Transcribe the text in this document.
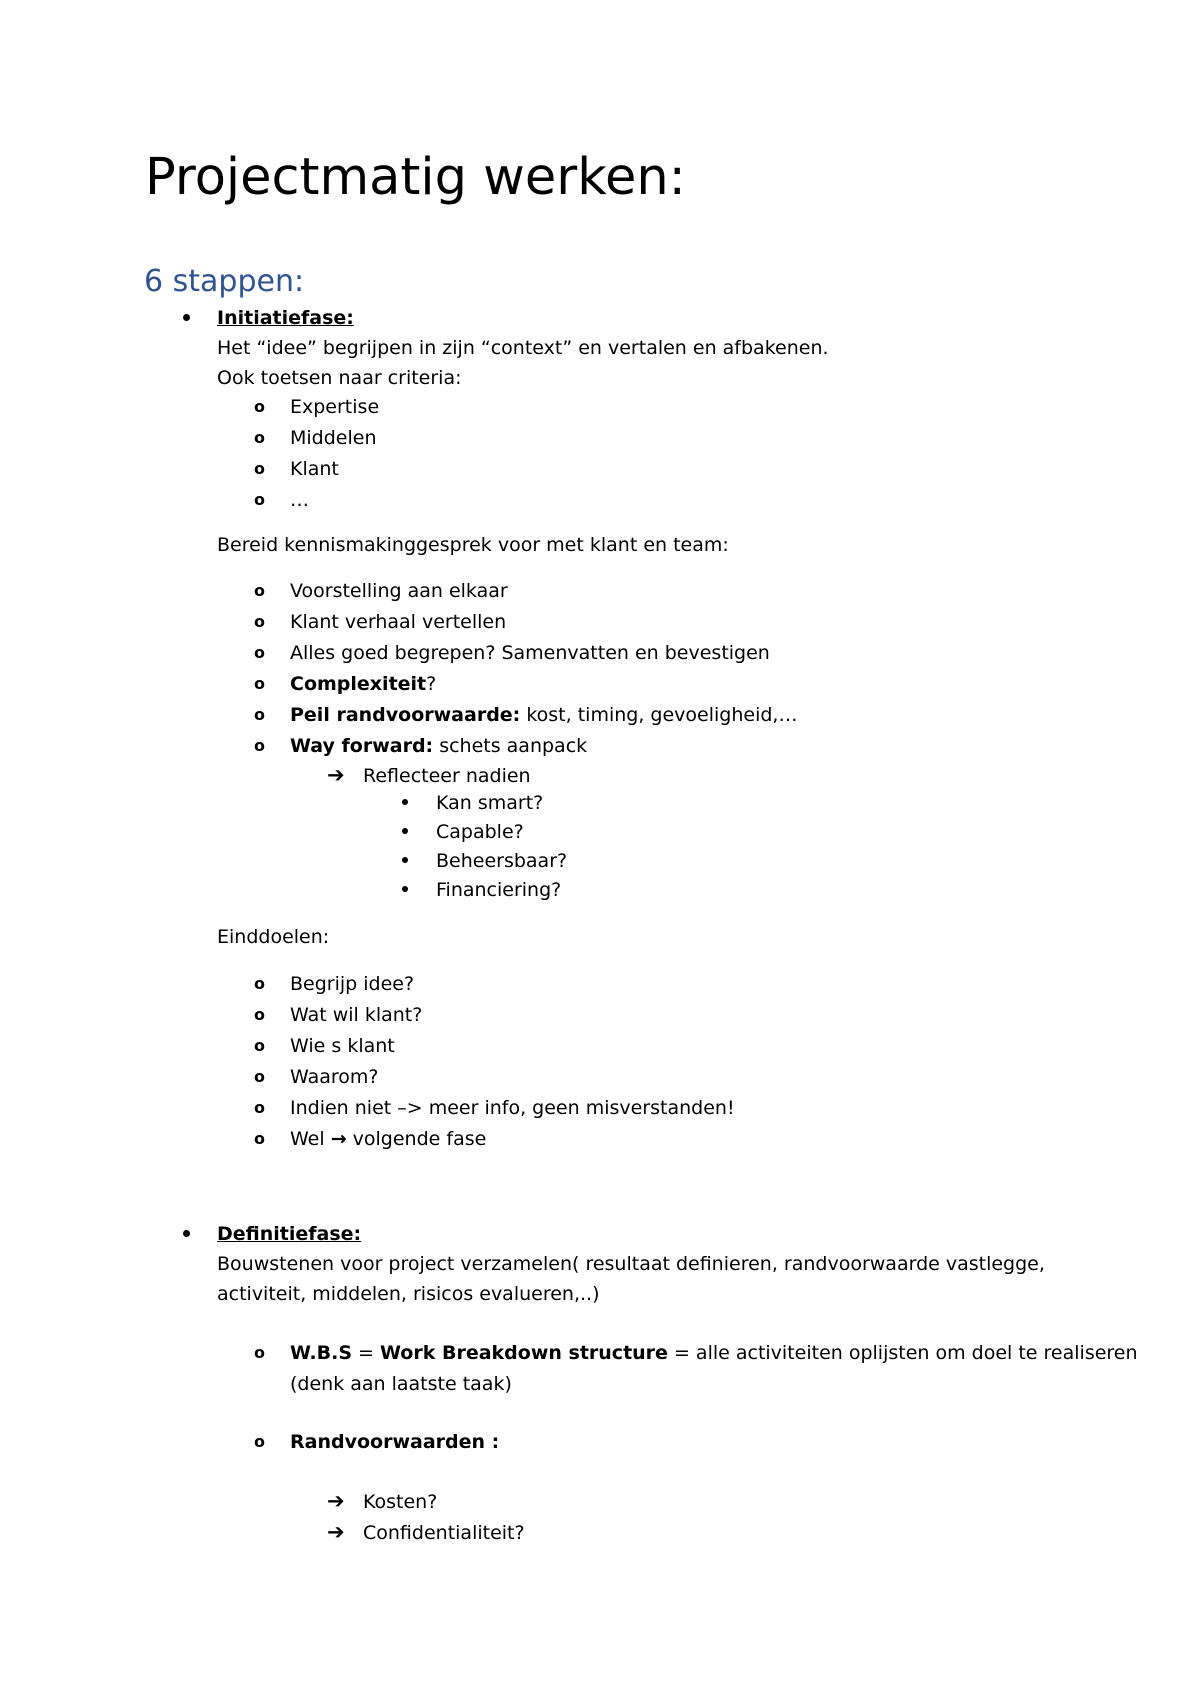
Projectmatig werken:
6 stappen:
Initiatiefase:
Het “idee” begrijpen in zijn “context” en vertalen en afbakenen.
Ook toetsen naar criteria:
o Expertise
o Middelen
o Klant
o …
Bereid kennismakinggesprek voor met klant en team:
o Voorstelling aan elkaar
o Klant verhaal vertellen
o Alles goed begrepen? Samenvatten en bevestigen
o Complexiteit?
o Peil randvoorwaarde: kost, timing, gevoeligheid,…
o Way forward: schets aanpack
➔ Reflecteer nadien
Kan smart?
Capable?
Beheersbaar?
Financiering?
Einddoelen:
o Begrijp idee?
o Wat wil klant?
o Wie s klant
o Waarom?
o Indien niet –> meer info, geen misverstanden!
o Wel → volgende fase
Definitiefase:
Bouwstenen voor project verzamelen( resultaat definieren, randvoorwaarde vastlegge,
activiteit, middelen, risicos evalueren,..)
o W.B.S = Work Breakdown structure = alle activiteiten oplijsten om doel te realiseren
(denk aan laatste taak)
o Randvoorwaarden :
➔ Kosten?
➔ Confidentialiteit?
